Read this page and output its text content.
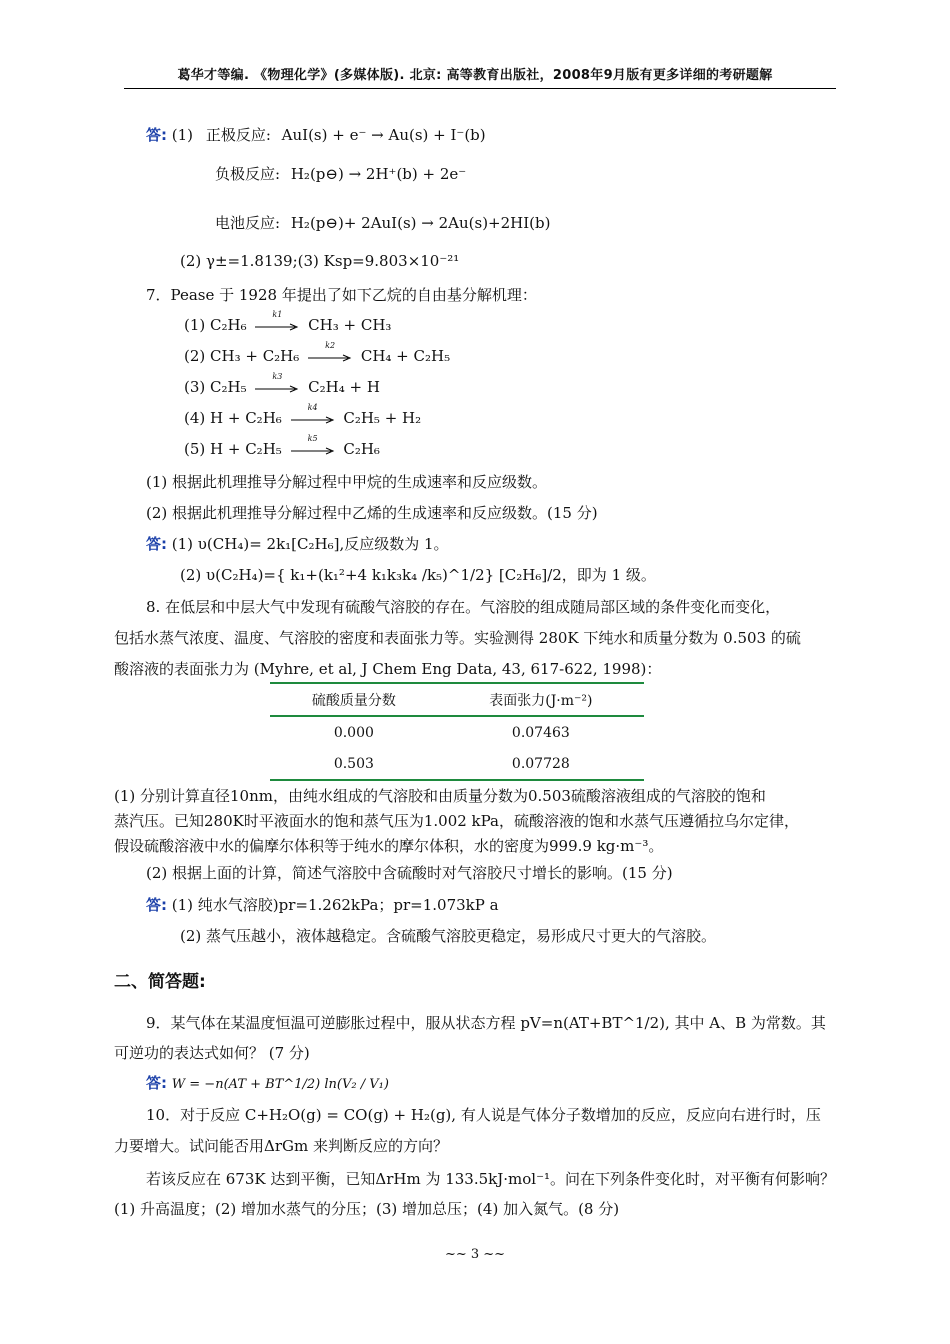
葛华才等编. 《物理化学》(多媒体版). 北京: 高等教育出版社，2008年9月版有更多详细的考研题解
答: (1) 正极反应: AuI(s) + e⁻ → Au(s) + I⁻(b)
负极反应: H₂(p⊖) → 2H⁺(b) + 2e⁻
电池反应: H₂(p⊖)+ 2AuI(s) → 2Au(s)+2HI(b)
(2) γ±=1.8139;(3) Ksp=9.803×10⁻²¹
7．Pease 于 1928 年提出了如下乙烷的自由基分解机理：
(1) C₂H₆
k1
CH₃ + CH₃
(2) CH₃ + C₂H₆
k2
CH₄ + C₂H₅
(3) C₂H₅
k3
C₂H₄ + H
(4) H + C₂H₆
k4
C₂H₅ + H₂
(5) H + C₂H₅
k5
C₂H₆
(1) 根据此机理推导分解过程中甲烷的生成速率和反应级数。
(2) 根据此机理推导分解过程中乙烯的生成速率和反应级数。(15 分)
答: (1) υ(CH₄)= 2k₁[C₂H₆],反应级数为 1。
(2) υ(C₂H₄)={ k₁+(k₁²+4 k₁k₃k₄ /k₅)^1/2} [C₂H₆]/2，即为 1 级。
8. 在低层和中层大气中发现有硫酸气溶胶的存在。气溶胶的组成随局部区域的条件变化而变化，
包括水蒸气浓度、温度、气溶胶的密度和表面张力等。实验测得 280K 下纯水和质量分数为 0.503 的硫
酸溶液的表面张力为 (Myhre, et al, J Chem Eng Data, 43, 617-622, 1998)：
硫酸质量分数	表面张力(J·m⁻²)
0.000	0.07463
0.503	0.07728
(1) 分别计算直径10nm，由纯水组成的气溶胶和由质量分数为0.503硫酸溶液组成的气溶胶的饱和
蒸汽压。已知280K时平液面水的饱和蒸气压为1.002 kPa，硫酸溶液的饱和水蒸气压遵循拉乌尔定律，
假设硫酸溶液中水的偏摩尔体积等于纯水的摩尔体积，水的密度为999.9 kg·m⁻³。
(2) 根据上面的计算，简述气溶胶中含硫酸时对气溶胶尺寸增长的影响。(15 分)
答: (1) 纯水气溶胶)pr=1.262kPa；pr=1.073kP a
(2) 蒸气压越小，液体越稳定。含硫酸气溶胶更稳定，易形成尺寸更大的气溶胶。
二、简答题:
9．某气体在某温度恒温可逆膨胀过程中，服从状态方程 pV=n(AT+BT^1/2), 其中 A、B 为常数。其
可逆功的表达式如何？ (7 分)
答: W = −n(AT + BT^1/2) ln(V₂ / V₁)
10．对于反应 C+H₂O(g) = CO(g) + H₂(g), 有人说是气体分子数增加的反应，反应向右进行时，压
力要增大。试问能否用ΔrGm 来判断反应的方向？
若该反应在 673K 达到平衡，已知ΔrHm 为 133.5kJ·mol⁻¹。问在下列条件变化时，对平衡有何影响？
(1) 升高温度；(2) 增加水蒸气的分压；(3) 增加总压；(4) 加入氮气。(8 分)
~~ 3 ~~
